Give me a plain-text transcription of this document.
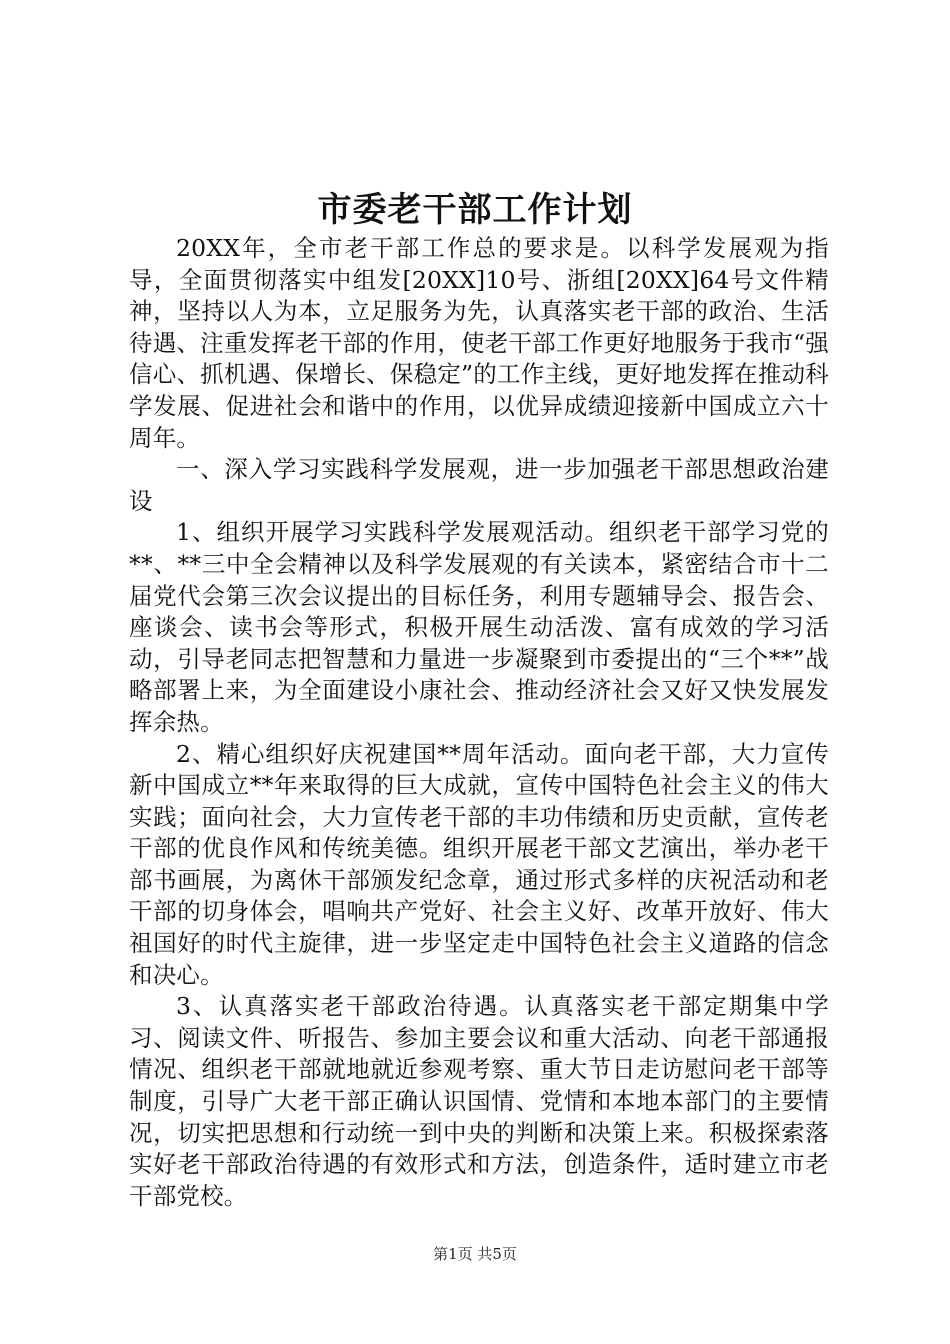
市委老干部工作计划

20XX年，全市老干部工作总的要求是。以科学发展观为指导，全面贯彻落实中组发[20XX]10号、浙组[20XX]64号文件精神，坚持以人为本，立足服务为先，认真落实老干部的政治、生活待遇、注重发挥老干部的作用，使老干部工作更好地服务于我市“强信心、抓机遇、保增长、保稳定”的工作主线，更好地发挥在推动科学发展、促进社会和谐中的作用，以优异成绩迎接新中国成立六十周年。

一、深入学习实践科学发展观，进一步加强老干部思想政治建设

1、组织开展学习实践科学发展观活动。组织老干部学习党的**、**三中全会精神以及科学发展观的有关读本，紧密结合市十二届党代会第三次会议提出的目标任务，利用专题辅导会、报告会、座谈会、读书会等形式，积极开展生动活泼、富有成效的学习活动，引导老同志把智慧和力量进一步凝聚到市委提出的“三个**”战略部署上来，为全面建设小康社会、推动经济社会又好又快发展发挥余热。

2、精心组织好庆祝建国**周年活动。面向老干部，大力宣传新中国成立**年来取得的巨大成就，宣传中国特色社会主义的伟大实践；面向社会，大力宣传老干部的丰功伟绩和历史贡献，宣传老干部的优良作风和传统美德。组织开展老干部文艺演出，举办老干部书画展，为离休干部颁发纪念章，通过形式多样的庆祝活动和老干部的切身体会，唱响共产党好、社会主义好、改革开放好、伟大祖国好的时代主旋律，进一步坚定走中国特色社会主义道路的信念和决心。

3、认真落实老干部政治待遇。认真落实老干部定期集中学习、阅读文件、听报告、参加主要会议和重大活动、向老干部通报情况、组织老干部就地就近参观考察、重大节日走访慰问老干部等制度，引导广大老干部正确认识国情、党情和本地本部门的主要情况，切实把思想和行动统一到中央的判断和决策上来。积极探索落实好老干部政治待遇的有效形式和方法，创造条件，适时建立市老干部党校。

第1页 共5页
